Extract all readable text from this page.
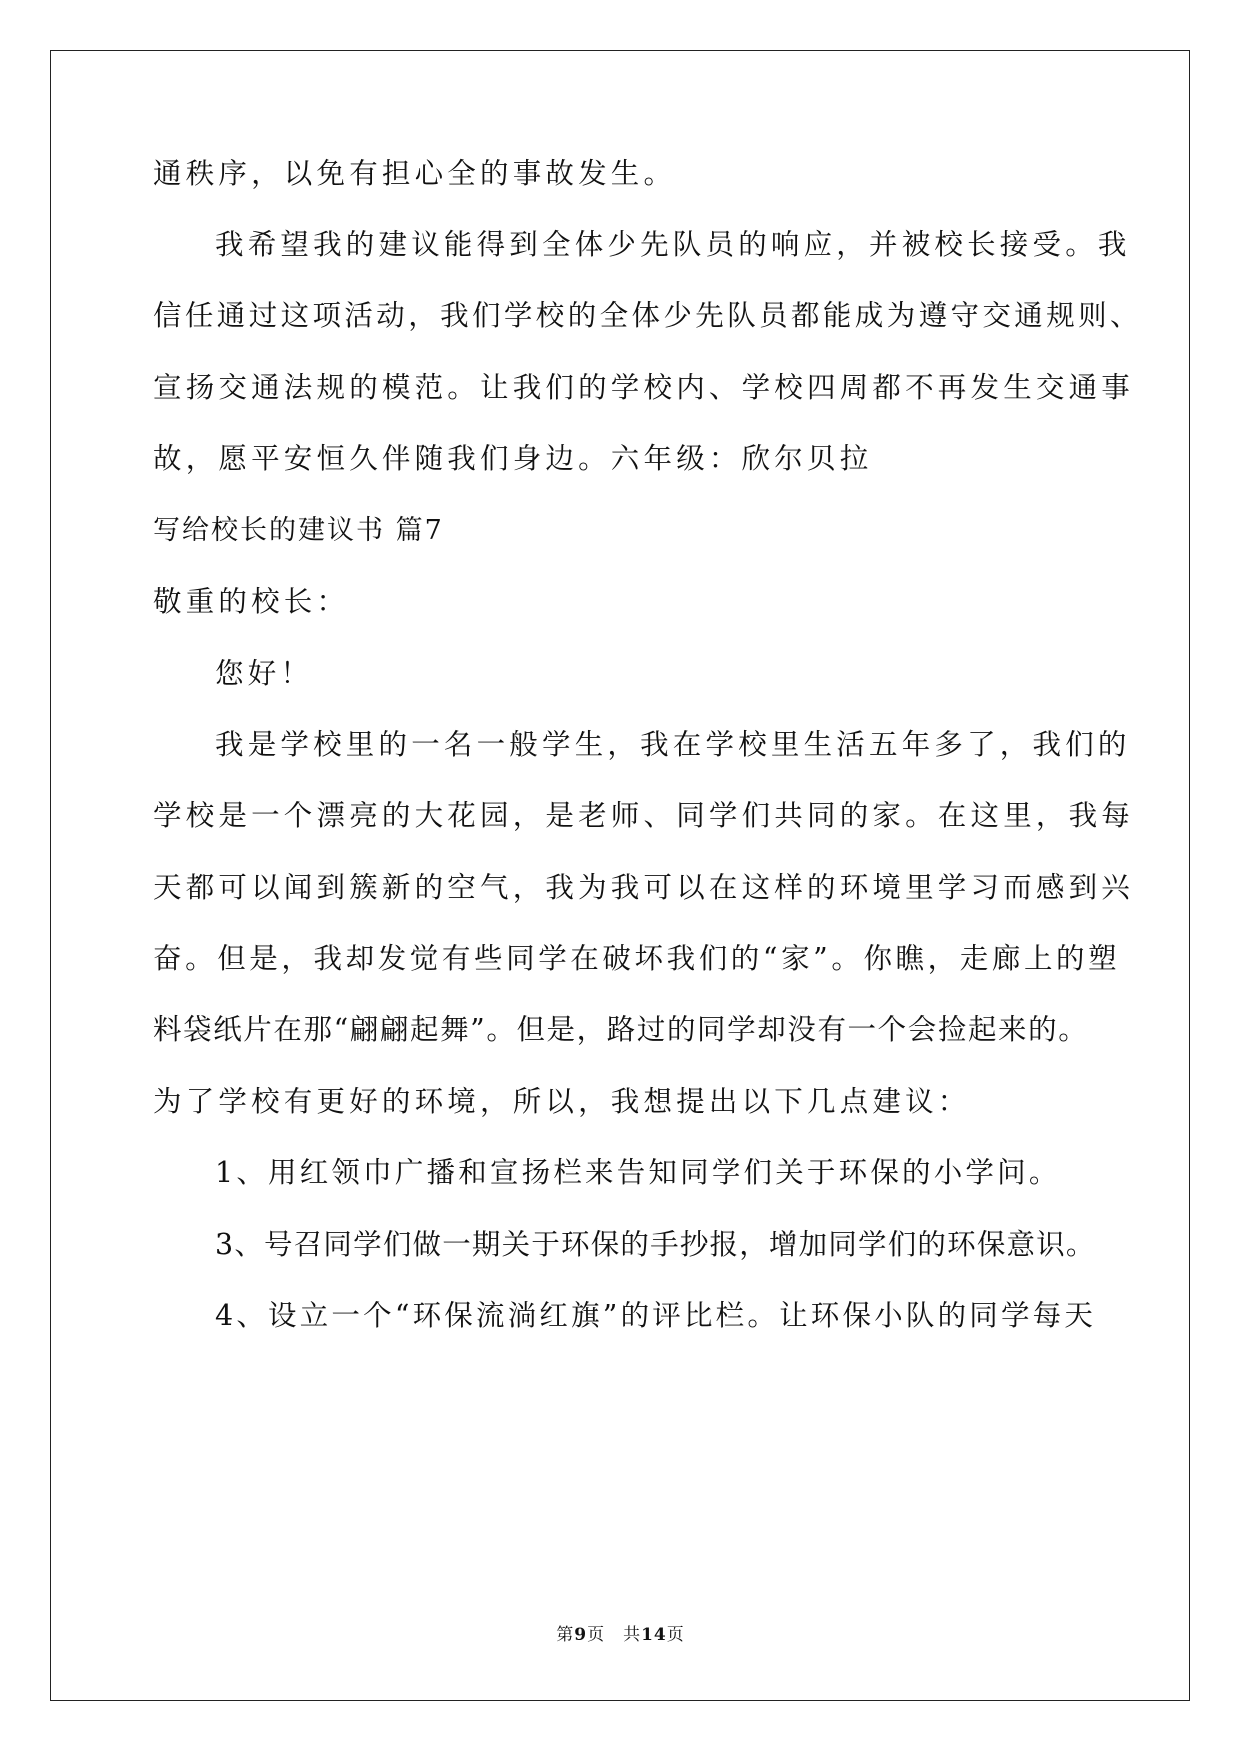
通秩序，以免有担心全的事故发生。
我希望我的建议能得到全体少先队员的响应，并被校长接受。我
信任通过这项活动，我们学校的全体少先队员都能成为遵守交通规则、
宣扬交通法规的模范。让我们的学校内、学校四周都不再发生交通事
故，愿平安恒久伴随我们身边。六年级：欣尔贝拉
写给校长的建议书 篇7
敬重的校长：
您好！
我是学校里的一名一般学生，我在学校里生活五年多了，我们的
学校是一个漂亮的大花园，是老师、同学们共同的家。在这里，我每
天都可以闻到簇新的空气，我为我可以在这样的环境里学习而感到兴
奋。但是，我却发觉有些同学在破坏我们的“家”。你瞧，走廊上的塑
料袋纸片在那“翩翩起舞”。但是，路过的同学却没有一个会捡起来的。
为了学校有更好的环境，所以，我想提出以下几点建议：
1、用红领巾广播和宣扬栏来告知同学们关于环保的小学问。
3、号召同学们做一期关于环保的手抄报，增加同学们的环保意识。
4、设立一个“环保流淌红旗”的评比栏。让环保小队的同学每天
第9页　共14页
